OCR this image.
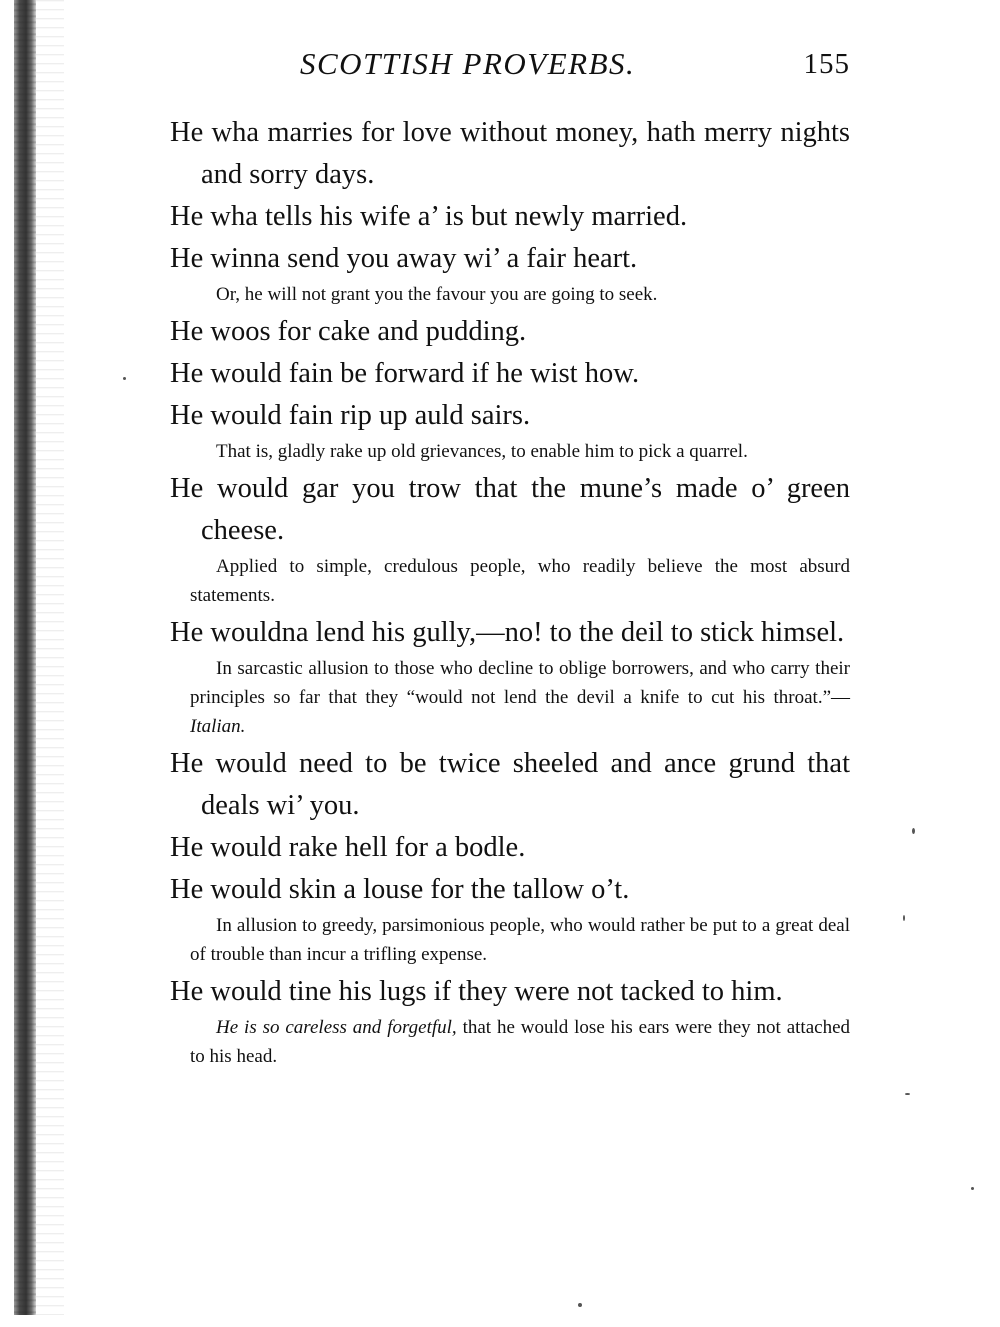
SCOTTISH PROVERBS.	155

He wha marries for love without money, hath merry nights and sorry days.

He wha tells his wife a’ is but newly married.

He winna send you away wi’ a fair heart.

Or, he will not grant you the favour you are going to seek.

He woos for cake and pudding.

He would fain be forward if he wist how.

He would fain rip up auld sairs.

That is, gladly rake up old grievances, to enable him to pick a quarrel.

He would gar you trow that the mune’s made o’ green cheese.

Applied to simple, credulous people, who readily believe the most absurd statements.

He wouldna lend his gully,—no! to the deil to stick himsel.

In sarcastic allusion to those who decline to oblige borrowers, and who carry their principles so far that they “would not lend the devil a knife to cut his throat.”— Italian.

He would need to be twice sheeled and ance grund that deals wi’ you.

He would rake hell for a bodle.

He would skin a louse for the tallow o’t.

In allusion to greedy, parsimonious people, who would rather be put to a great deal of trouble than incur a trifling expense.

He would tine his lugs if they were not tacked to him.

He is so careless and forgetful, that he would lose his ears were they not attached to his head.
